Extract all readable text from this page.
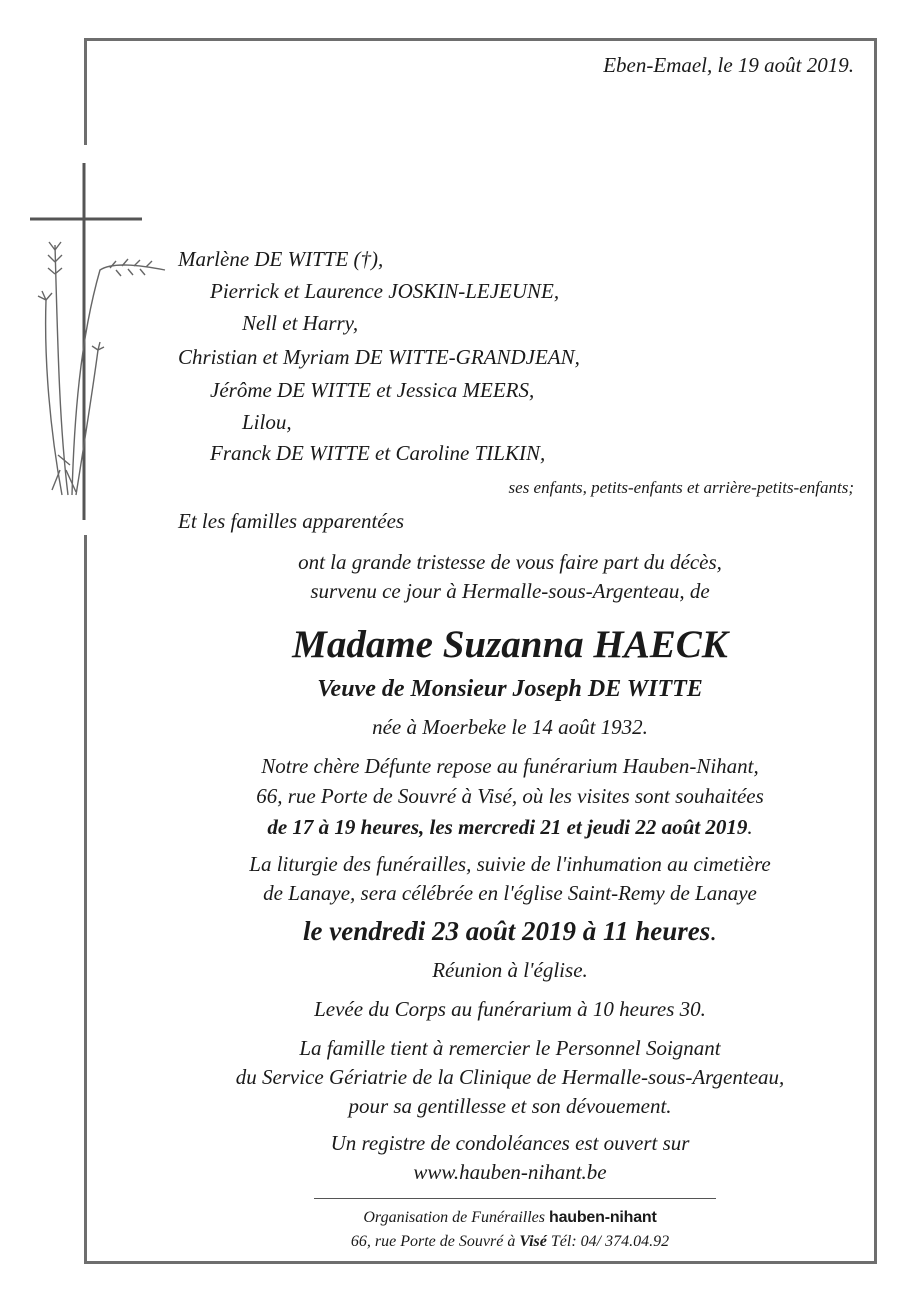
Eben-Emael, le 19 août 2019.
Marlène DE WITTE (†),
Pierrick et Laurence JOSKIN-LEJEUNE,
Nell et Harry,
Christian et Myriam DE WITTE-GRANDJEAN,
Jérôme DE WITTE et Jessica MEERS,
Lilou,
Franck DE WITTE et Caroline TILKIN,
ses enfants, petits-enfants et arrière-petits-enfants;
Et les familles apparentées
ont la grande tristesse de vous faire part du décès,
survenu ce jour à Hermalle-sous-Argenteau, de
Madame Suzanna HAECK
Veuve de Monsieur Joseph DE WITTE
née à Moerbeke le 14 août 1932.
Notre chère Défunte repose au funérarium Hauben-Nihant,
66, rue Porte de Souvré à Visé, où les visites sont souhaitées
de 17 à 19 heures, les mercredi 21 et jeudi 22 août 2019.
La liturgie des funérailles, suivie de l'inhumation au cimetière
de Lanaye, sera célébrée en l'église Saint-Remy de Lanaye
le vendredi 23 août 2019 à 11 heures.
Réunion à l'église.
Levée du Corps au funérarium à 10 heures 30.
La famille tient à remercier le Personnel Soignant
du Service Gériatrie de la Clinique de Hermalle-sous-Argenteau,
pour sa gentillesse et son dévouement.
Un registre de condoléances est ouvert sur
www.hauben-nihant.be
Organisation de Funérailles hauben-nihant
66, rue Porte de Souvré à Visé Tél: 04/ 374.04.92
